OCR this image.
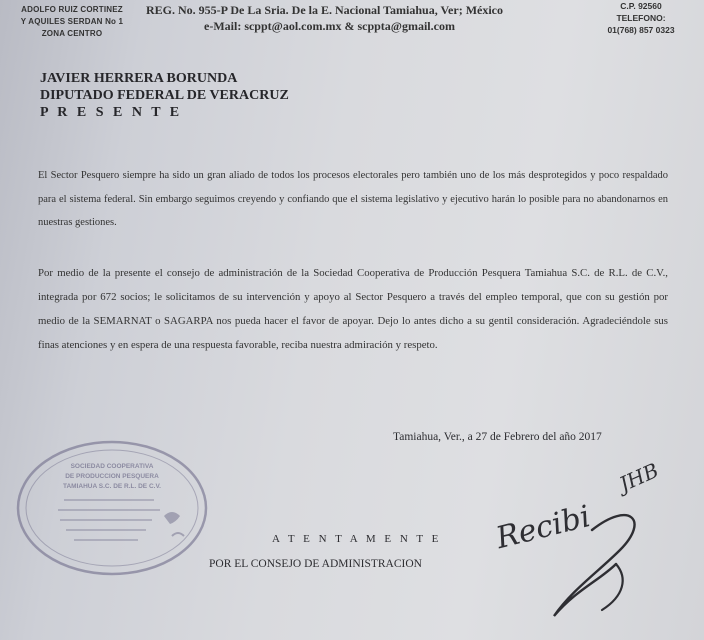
ADOLFO RUIZ CORTINEZ
Y AQUILES SERDAN No 1
ZONA CENTRO
REG. No. 955-P De La Sria. De la E. Nacional Tamiahua, Ver; México
e-Mail: scppt@aol.com.mx & scppta@gmail.com
C.P. 92560
TELEFONO:
01(768) 857 0323
JAVIER HERRERA BORUNDA
DIPUTADO FEDERAL DE VERACRUZ
P R E S E N T E
El Sector Pesquero siempre ha sido un gran aliado de todos los procesos electorales pero también uno de los más desprotegidos y poco respaldado para el sistema federal. Sin embargo seguimos creyendo y confiando que el sistema legislativo y ejecutivo harán lo posible para no abandonarnos en nuestras gestiones.
Por medio de la presente el consejo de administración de la Sociedad Cooperativa de Producción Pesquera Tamiahua S.C. de R.L. de C.V., integrada por 672 socios; le solicitamos de su intervención y apoyo al Sector Pesquero a través del empleo temporal, que con su gestión por medio de la SEMARNAT o SAGARPA nos pueda hacer el favor de apoyar. Dejo lo antes dicho a su gentil consideración. Agradeciéndole sus finas atenciones y en espera de una respuesta favorable, reciba nuestra admiración y respeto.
Tamiahua, Ver., a 27 de Febrero del año 2017
A T E N T A M E N T E
POR EL CONSEJO DE ADMINISTRACION
SOCIEDAD COOPERATIVA
DE PRODUCCION PESQUERA
TAMIAHUA S.C. DE R.L. DE C.V.
Recibi
JHB
